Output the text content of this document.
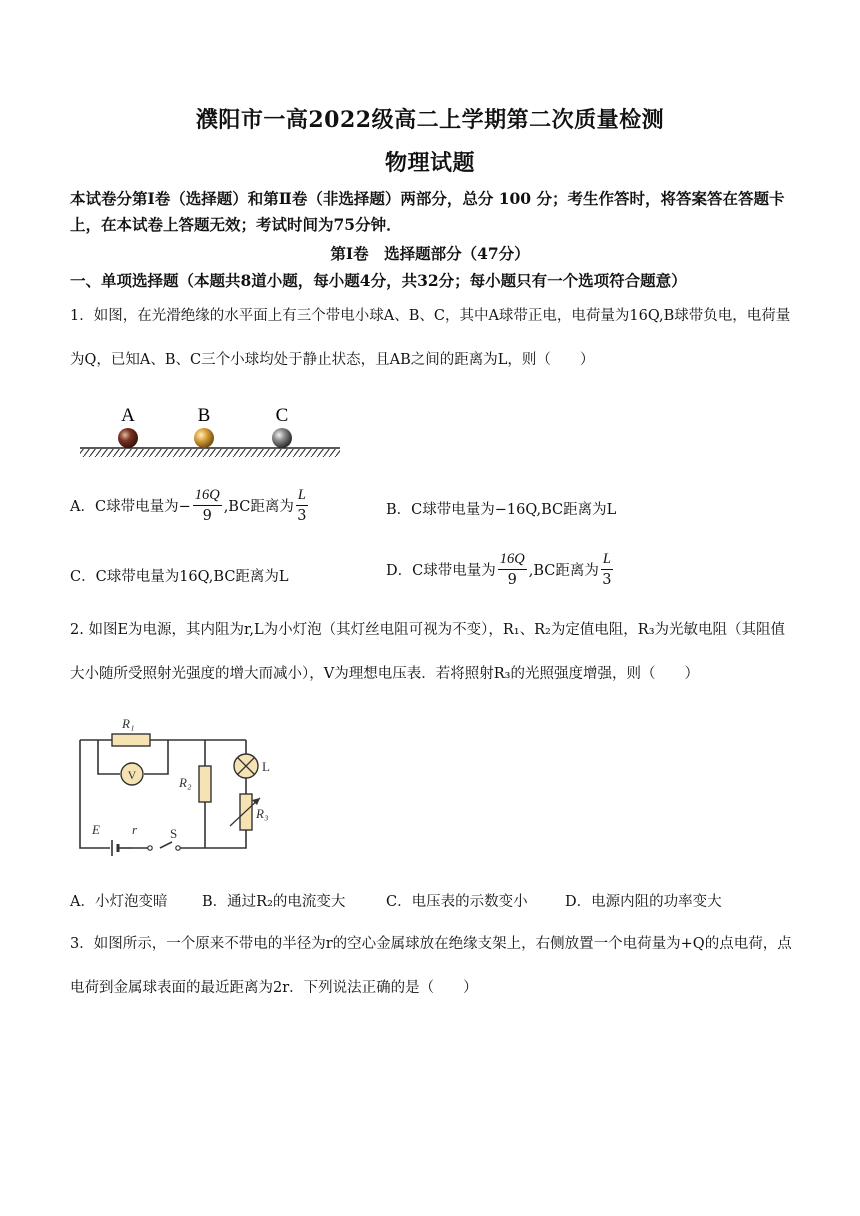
濮阳市一高2022级高二上学期第二次质量检测
物理试题
本试卷分第Ⅰ卷（选择题）和第Ⅱ卷（非选择题）两部分，总分 100 分；考生作答时，将答案答在答题卡上，在本试卷上答题无效；考试时间为75分钟．
第Ⅰ卷　选择题部分（47分）
一、单项选择题（本题共8道小题，每小题4分，共32分；每小题只有一个选项符合题意）
1．如图，在光滑绝缘的水平面上有三个带电小球A、B、C，其中A球带正电，电荷量为16Q,B球带负电，电荷量为Q，已知A、B、C三个小球均处于静止状态，且AB之间的距离为L，则（　　）
A	B	C
A．C球带电量为− $\frac{16Q}{9} ,BC$距离为 $\frac{L}{3}$	B．C球带电量为−16Q,BC距离为L
C．C球带电量为16Q,BC距离为L	D．C球带电量为 $\frac{16Q}{9} ,BC$距离为 $\frac{L}{3}$
2. 如图E为电源，其内阻为r,L为小灯泡（其灯丝电阻可视为不变），R₁、R₂为定值电阻，R₃为光敏电阻（其阻值大小随所受照射光强度的增大而减小），V为理想电压表．若将照射R₃的光照强度增强，则（　　）
R₁
V	R₂
L
R₃
E r	S
A．小灯泡变暗 B．通过R₂的电流变大	C．电压表的示数变小	D．电源内阻的功率变大
3．如图所示，一个原来不带电的半径为r的空心金属球放在绝缘支架上，右侧放置一个电荷量为+Q的点电荷，点电荷到金属球表面的最近距离为2r．下列说法正确的是（　　）
